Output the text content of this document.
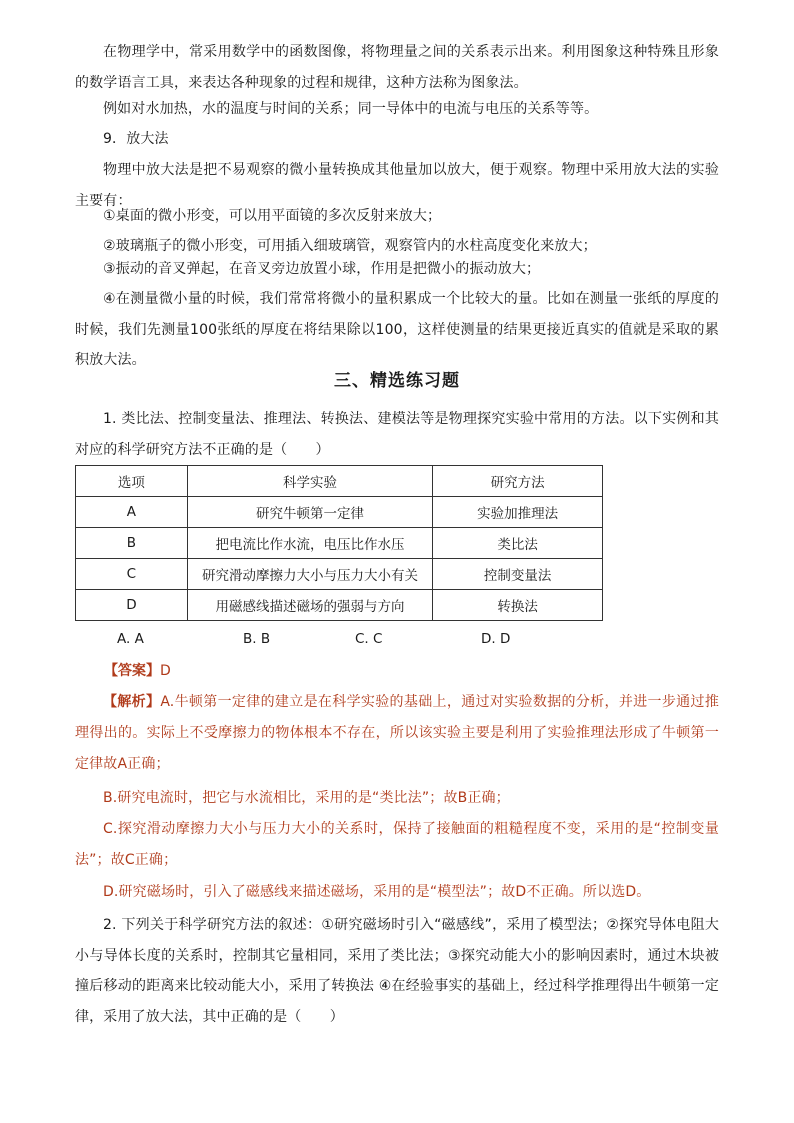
在物理学中，常采用数学中的函数图像，将物理量之间的关系表示出来。利用图象这种特殊且形象的数学语言工具，来表达各种现象的过程和规律，这种方法称为图象法。

例如对水加热，水的温度与时间的关系；同一导体中的电流与电压的关系等等。

9．放大法

物理中放大法是把不易观察的微小量转换成其他量加以放大，便于观察。物理中采用放大法的实验主要有：

①桌面的微小形变，可以用平面镜的多次反射来放大；

②玻璃瓶子的微小形变，可用插入细玻璃管，观察管内的水柱高度变化来放大；

③振动的音叉弹起，在音叉旁边放置小球，作用是把微小的振动放大；

④在测量微小量的时候，我们常常将微小的量积累成一个比较大的量。比如在测量一张纸的厚度的时候，我们先测量100张纸的厚度在将结果除以100，这样使测量的结果更接近真实的值就是采取的累积放大法。

三、精选练习题

1. 类比法、控制变量法、推理法、转换法、建模法等是物理探究实验中常用的方法。以下实例和其对应的科学研究方法不正确的是（　　）

选项	科学实验	研究方法
A	研究牛顿第一定律	实验加推理法
B	把电流比作水流，电压比作水压	类比法
C	研究滑动摩擦力大小与压力大小有关	控制变量法
D	用磁感线描述磁场的强弱与方向	转换法
A. A	B. B	C. C	D. D
【答案】D

【解析】A.牛顿第一定律的建立是在科学实验的基础上，通过对实验数据的分析，并进一步通过推理得出的。实际上不受摩擦力的物体根本不存在，所以该实验主要是利用了实验推理法形成了牛顿第一定律故A正确；

B.研究电流时，把它与水流相比，采用的是“类比法”；故B正确；

C.探究滑动摩擦力大小与压力大小的关系时，保持了接触面的粗糙程度不变，采用的是“控制变量法”；故C正确；

D.研究磁场时，引入了磁感线来描述磁场，采用的是“模型法”；故D不正确。所以选D。

2. 下列关于科学研究方法的叙述：①研究磁场时引入“磁感线”，采用了模型法；②探究导体电阻大小与导体长度的关系时，控制其它量相同，采用了类比法；③探究动能大小的影响因素时，通过木块被撞后移动的距离来比较动能大小，采用了转换法 ④在经验事实的基础上，经过科学推理得出牛顿第一定律，采用了放大法，其中正确的是（　　）
